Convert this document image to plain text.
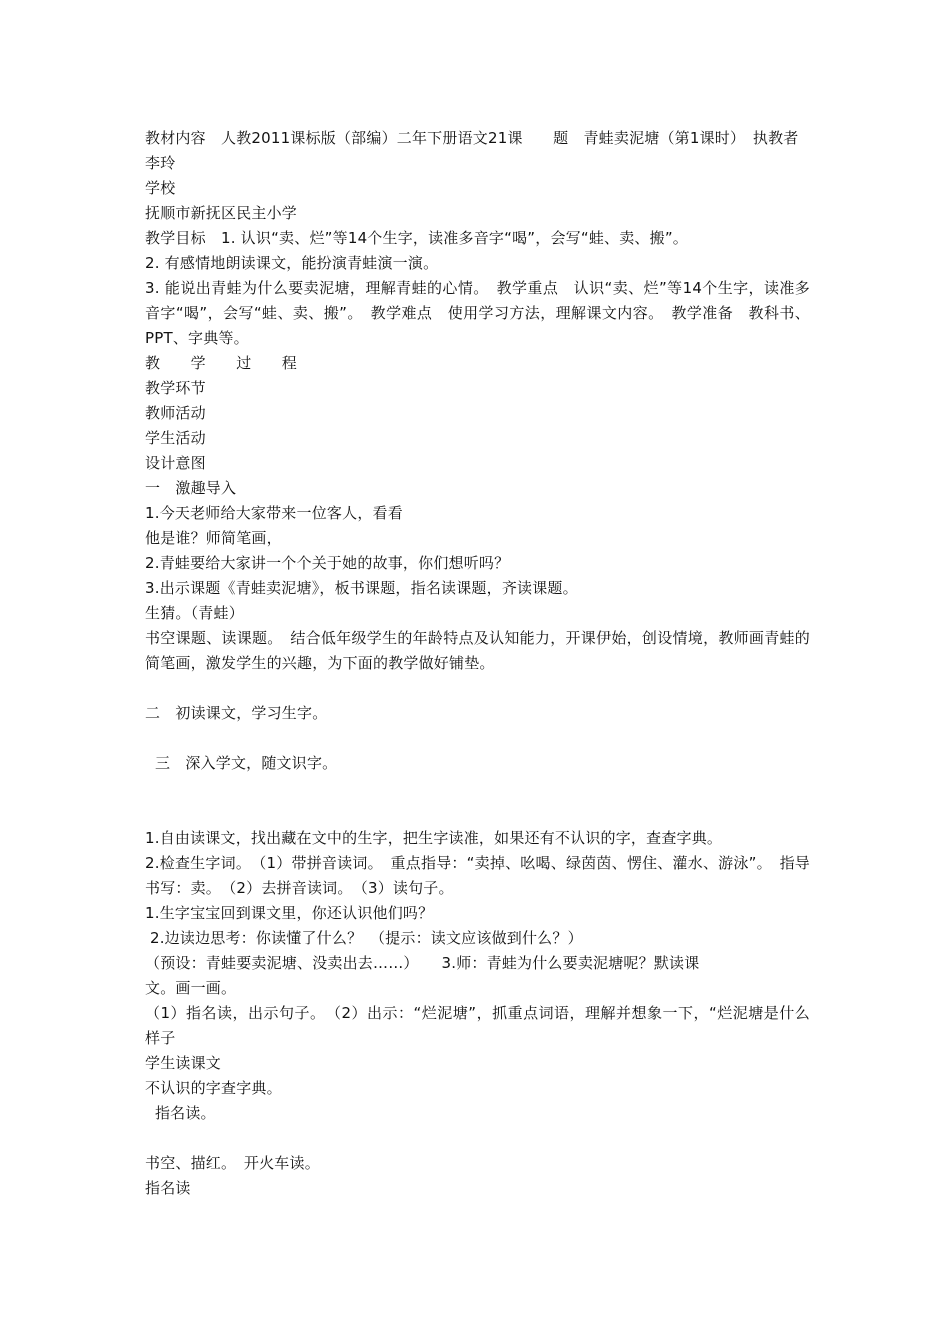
教材内容　人教2011课标版（部编）二年下册语文21课　　题　青蛙卖泥塘（第1课时）　执教者

李玲

学校

抚顺市新抚区民主小学

教学目标　1. 认识“卖、烂”等14个生字，读准多音字“喝”，会写“蛙、卖、搬”。

2. 有感情地朗读课文，能扮演青蛙演一演。

3. 能说出青蛙为什么要卖泥塘，理解青蛙的心情。　教学重点　认识“卖、烂”等14个生字，读准多音字“喝”，会写“蛙、卖、搬”。　教学难点　使用学习方法，理解课文内容。　教学准备　教科书、PPT、字典等。

教　　学　　过　　程

教学环节

教师活动

学生活动

设计意图

一　激趣导入

1.今天老师给大家带来一位客人，看看

他是谁？师简笔画，

2.青蛙要给大家讲一个个关于她的故事，你们想听吗？

3.出示课题《青蛙卖泥塘》，板书课题，指名读课题，齐读课题。

生猜。（青蛙）

书空课题、读课题。　结合低年级学生的年龄特点及认知能力，开课伊始，创设情境，教师画青蛙的简笔画，激发学生的兴趣，为下面的教学做好铺垫。

二　初读课文，学习生字。

三　深入学文，随文识字。

1.自由读课文，找出藏在文中的生字，把生字读准，如果还有不认识的字，查查字典。

2.检查生字词。　（1）带拼音读词。　重点指导：“卖掉、吆喝、绿茵茵、愣住、灌水、游泳”。　指导书写：卖。　（2）去拼音读词。　（3）读句子。

1.生字宝宝回到课文里，你还认识他们吗？

2.边读边思考：你读懂了什么？　（提示：读文应该做到什么？）

（预设：青蛙要卖泥塘、没卖出去……）　　3.师：青蛙为什么要卖泥塘呢？默读课

文。画一画。

（1）指名读，出示句子。　（2）出示：“烂泥塘”，抓重点词语，理解并想象一下，“烂泥塘是什么样子

学生读课文

不认识的字查字典。

指名读。

书空、描红。　开火车读。

指名读
